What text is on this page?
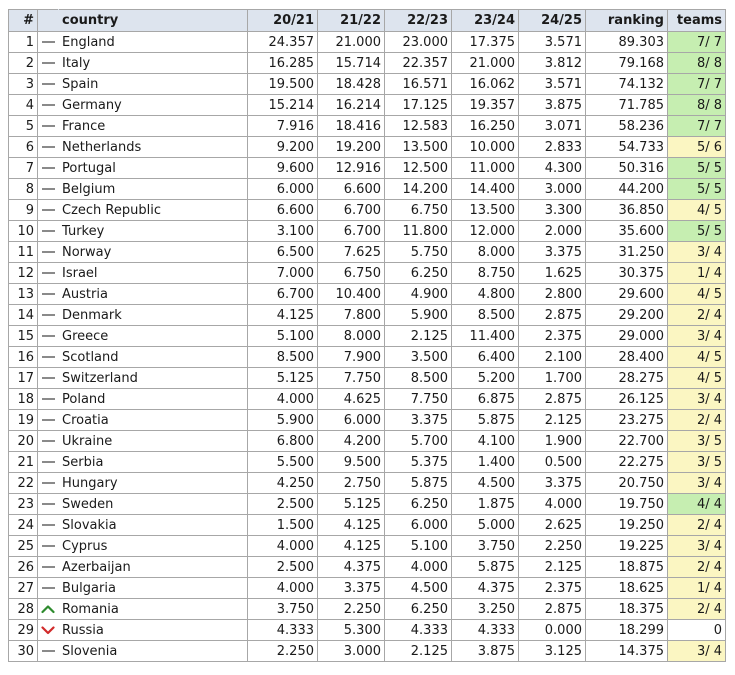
#		country	20/21	21/22	22/23	23/24	24/25	ranking	teams
1		England	24.357	21.000	23.000	17.375	3.571	89.303	7/ 7
2		Italy	16.285	15.714	22.357	21.000	3.812	79.168	8/ 8
3		Spain	19.500	18.428	16.571	16.062	3.571	74.132	7/ 7
4		Germany	15.214	16.214	17.125	19.357	3.875	71.785	8/ 8
5		France	7.916	18.416	12.583	16.250	3.071	58.236	7/ 7
6		Netherlands	9.200	19.200	13.500	10.000	2.833	54.733	5/ 6
7		Portugal	9.600	12.916	12.500	11.000	4.300	50.316	5/ 5
8		Belgium	6.000	6.600	14.200	14.400	3.000	44.200	5/ 5
9		Czech Republic	6.600	6.700	6.750	13.500	3.300	36.850	4/ 5
10		Turkey	3.100	6.700	11.800	12.000	2.000	35.600	5/ 5
11		Norway	6.500	7.625	5.750	8.000	3.375	31.250	3/ 4
12		Israel	7.000	6.750	6.250	8.750	1.625	30.375	1/ 4
13		Austria	6.700	10.400	4.900	4.800	2.800	29.600	4/ 5
14		Denmark	4.125	7.800	5.900	8.500	2.875	29.200	2/ 4
15		Greece	5.100	8.000	2.125	11.400	2.375	29.000	3/ 4
16		Scotland	8.500	7.900	3.500	6.400	2.100	28.400	4/ 5
17		Switzerland	5.125	7.750	8.500	5.200	1.700	28.275	4/ 5
18		Poland	4.000	4.625	7.750	6.875	2.875	26.125	3/ 4
19		Croatia	5.900	6.000	3.375	5.875	2.125	23.275	2/ 4
20		Ukraine	6.800	4.200	5.700	4.100	1.900	22.700	3/ 5
21		Serbia	5.500	9.500	5.375	1.400	0.500	22.275	3/ 5
22		Hungary	4.250	2.750	5.875	4.500	3.375	20.750	3/ 4
23		Sweden	2.500	5.125	6.250	1.875	4.000	19.750	4/ 4
24		Slovakia	1.500	4.125	6.000	5.000	2.625	19.250	2/ 4
25		Cyprus	4.000	4.125	5.100	3.750	2.250	19.225	3/ 4
26		Azerbaijan	2.500	4.375	4.000	5.875	2.125	18.875	2/ 4
27		Bulgaria	4.000	3.375	4.500	4.375	2.375	18.625	1/ 4
28		Romania	3.750	2.250	6.250	3.250	2.875	18.375	2/ 4
29		Russia	4.333	5.300	4.333	4.333	0.000	18.299	0
30		Slovenia	2.250	3.000	2.125	3.875	3.125	14.375	3/ 4
